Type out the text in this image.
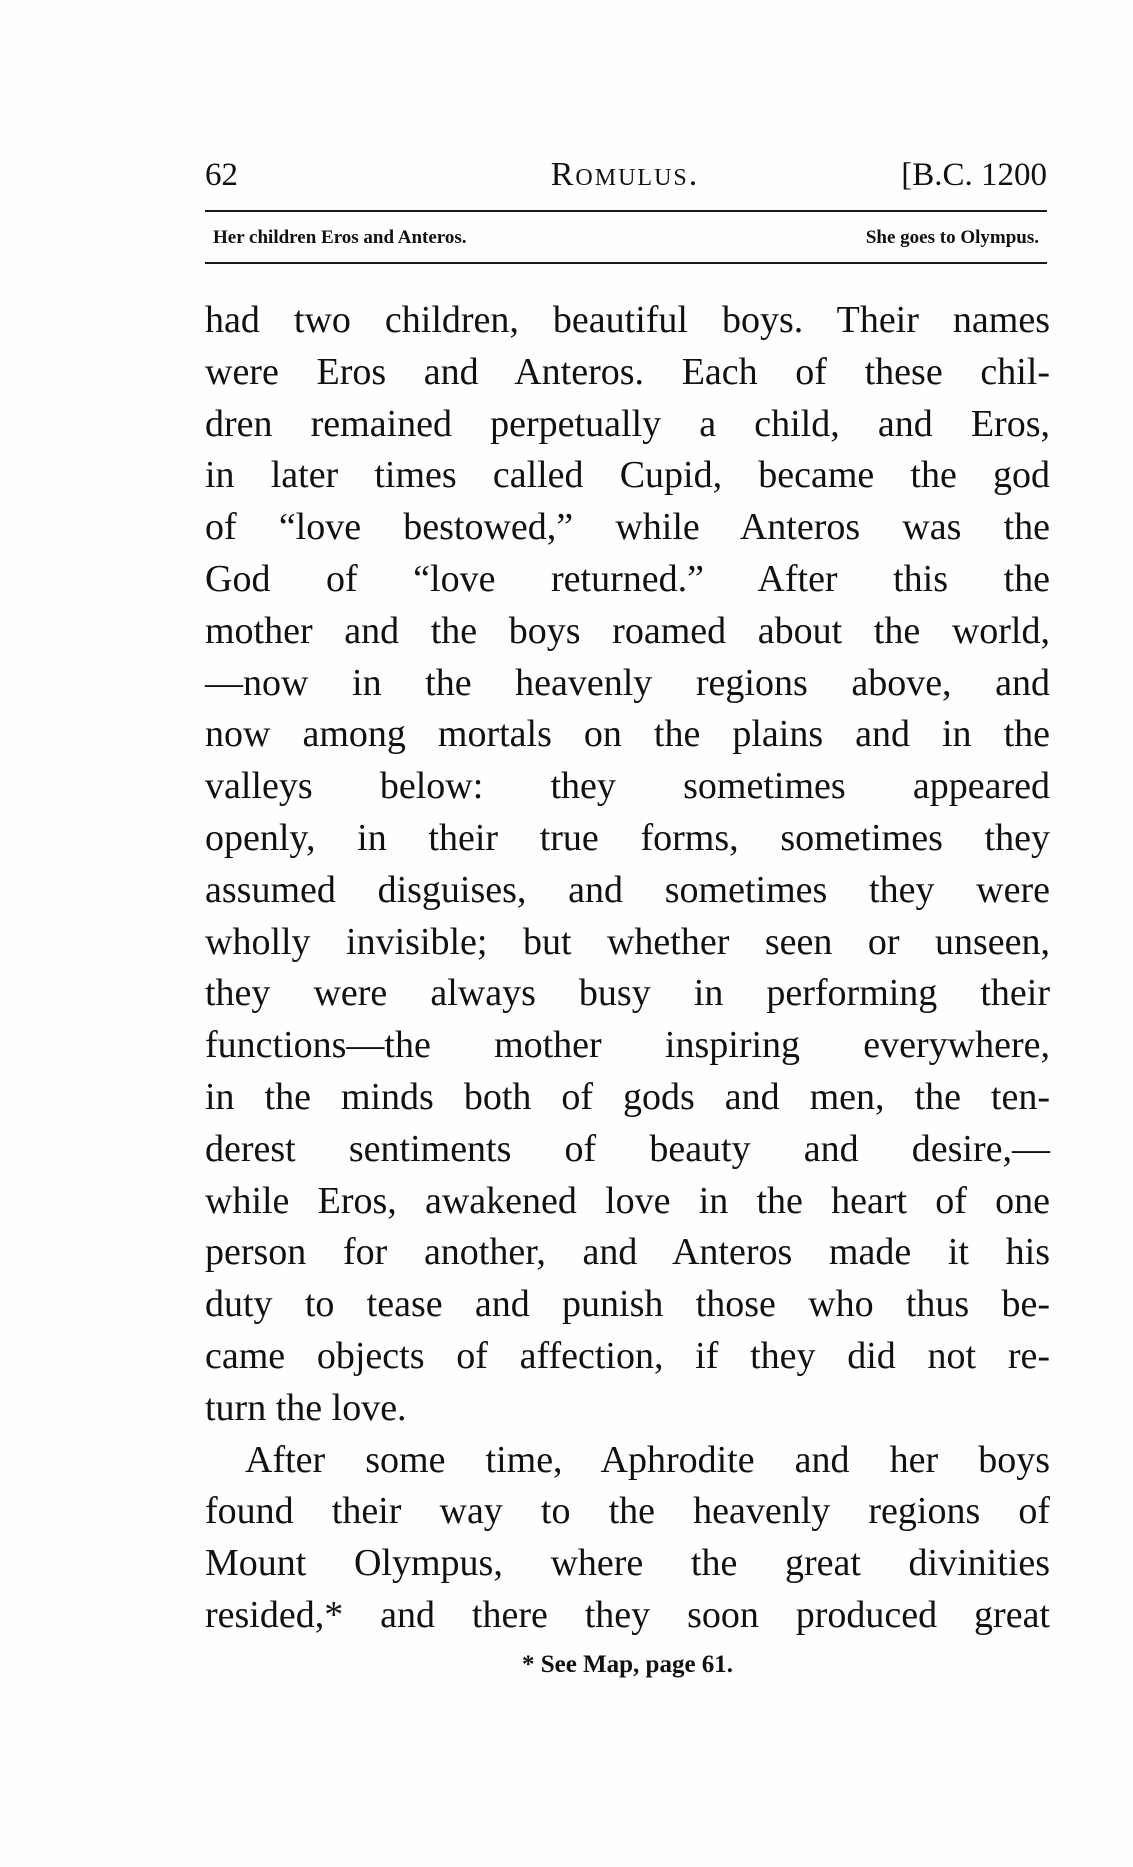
62	Romulus.	[B.C. 1200
Her children Eros and Anteros.	She goes to Olympus.
had two children, beautiful boys. Their names
were Eros and Anteros. Each of these chil-
dren remained perpetually a child, and Eros,
in later times called Cupid, became the god
of “love bestowed,” while Anteros was the
God of “love returned.” After this the
mother and the boys roamed about the world,
—now in the heavenly regions above, and
now among mortals on the plains and in the
valleys below: they sometimes appeared
openly, in their true forms, sometimes they
assumed disguises, and sometimes they were
wholly invisible; but whether seen or unseen,
they were always busy in performing their
functions—the mother inspiring everywhere,
in the minds both of gods and men, the ten-
derest sentiments of beauty and desire,—
while Eros, awakened love in the heart of one
person for another, and Anteros made it his
duty to tease and punish those who thus be-
came objects of affection, if they did not re-
turn the love.
After some time, Aphrodite and her boys
found their way to the heavenly regions of
Mount Olympus, where the great divinities
resided,* and there they soon produced great
* See Map, page 61.
